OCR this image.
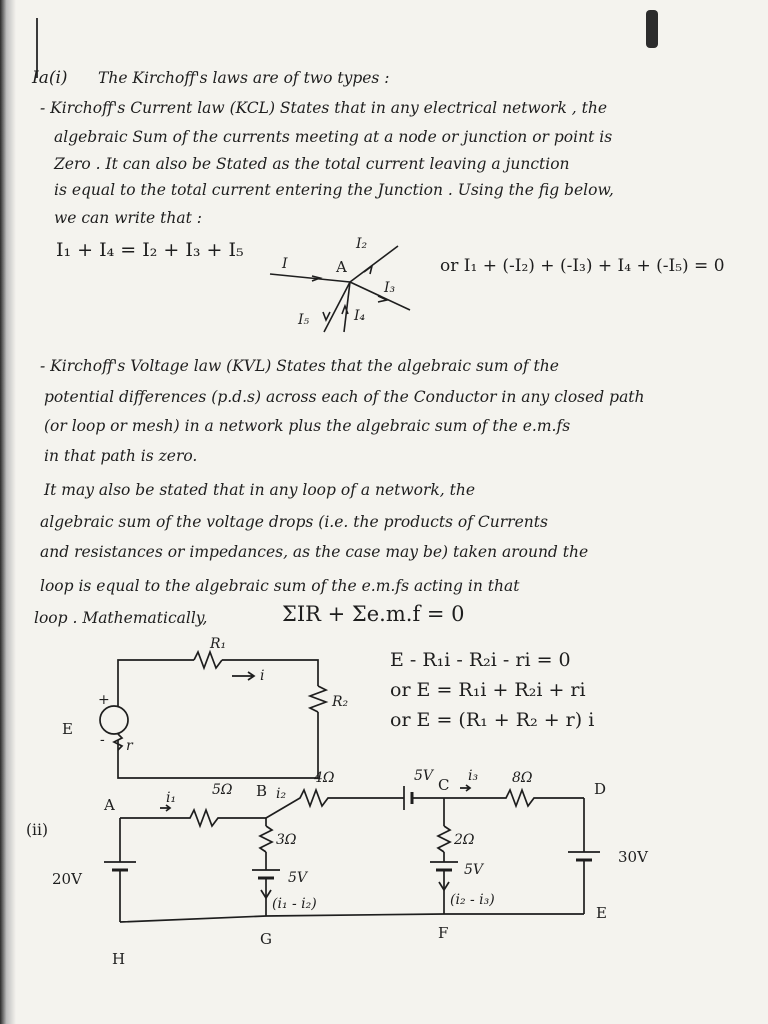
Ia(i) The Kirchoff's laws are of two types :
- Kirchoff's Current law (KCL) States that in any electrical network , the
algebraic Sum of the currents meeting at a node or junction or point is
Zero . It can also be Stated as the total current leaving a junction
is equal to the total current entering the Junction . Using the fig below,
we can write that :
I₁ + I₄ = I₂ + I₃ + I₅
or I₁ + (-I₂) + (-I₃) + I₄ + (-I₅) = 0
A
I
I₂
I₃
I₄
I₅
- Kirchoff's Voltage law (KVL) States that the algebraic sum of the
potential differences (p.d.s) across each of the Conductor in any closed path
(or loop or mesh) in a network plus the algebraic sum of the e.m.fs
in that path is zero.
It may also be stated that in any loop of a network, the
algebraic sum of the voltage drops (i.e. the products of Currents
and resistances or impedances, as the case may be) taken around the
loop is equal to the algebraic sum of the e.m.fs acting in that
loop . Mathematically,	ΣIR + Σe.m.f = 0
R₁
R₂
E
i
r
+
-
E - R₁i - R₂i - ri = 0
or E = R₁i + R₂i + ri
or E = (R₁ + R₂ + r) i
(ii)
A
B	C	D
E
F
G
H
5Ω
4Ω
3Ω	2Ω
8Ω
20V
30V
5V
5V	5V
i₁	i₂
i₃
(i₁ - i₂)	(i₂ - i₃)
